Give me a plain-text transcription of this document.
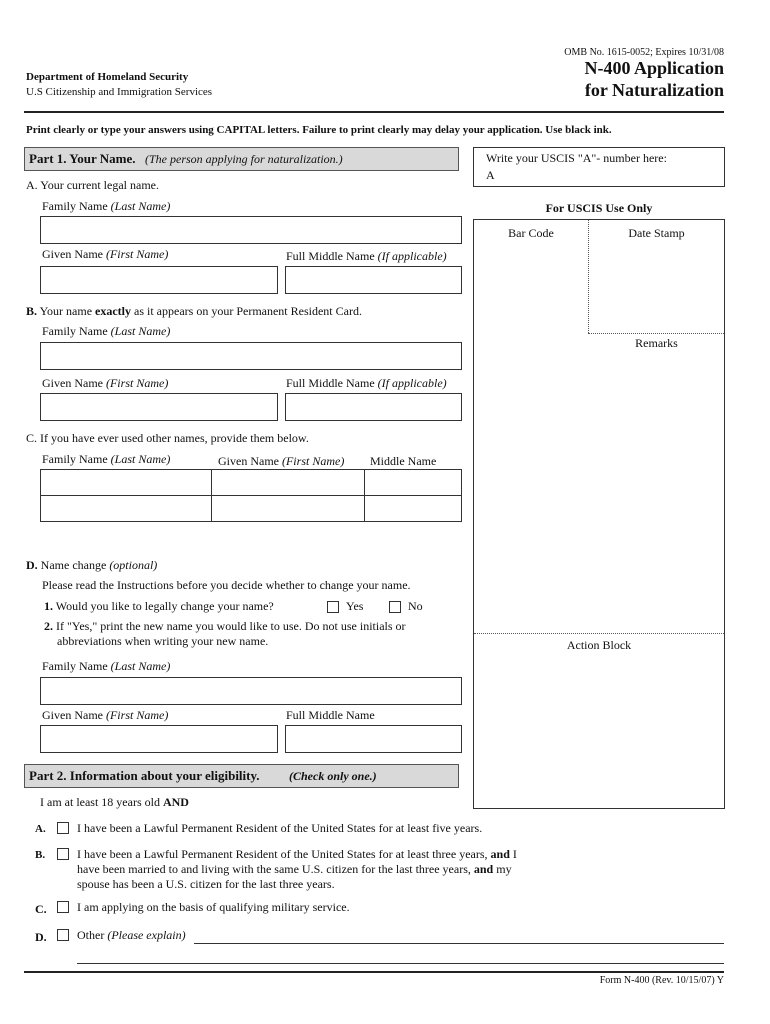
OMB No. 1615-0052; Expires 10/31/08
Department of Homeland Security
U.S Citizenship and Immigration Services
N-400 Application
for Naturalization
Print clearly or type your answers using CAPITAL letters. Failure to print clearly may delay your application. Use black ink.
Part 1. Your Name. (The person applying for naturalization.)
A. Your current legal name.
Family Name (Last Name)
Given Name (First Name)	Full Middle Name (If applicable)
B. Your name exactly as it appears on your Permanent Resident Card.
Family Name (Last Name)
Given Name (First Name)	Full Middle Name (If applicable)
C. If you have ever used other names, provide them below.
Family Name (Last Name)	Given Name (First Name) Middle Name

D. Name change (optional)
Please read the Instructions before you decide whether to change your name.
1. Would you like to legally change your name?	Yes	No
2. If "Yes," print the new name you would like to use. Do not use initials or
abbreviations when writing your new name.
Family Name (Last Name)
Given Name (First Name)	Full Middle Name
Write your USCIS "A"- number here:
A
For USCIS Use Only
Bar Code	Date Stamp
Remarks
Action Block
Part 2. Information about your eligibility. (Check only one.)
I am at least 18 years old AND
A.	I have been a Lawful Permanent Resident of the United States for at least five years.
B.	I have been a Lawful Permanent Resident of the United States for at least three years, and I
have been married to and living with the same U.S. citizen for the last three years, and my
spouse has been a U.S. citizen for the last three years.
C.	I am applying on the basis of qualifying military service.
D.	Other (Please explain)
Form N-400 (Rev. 10/15/07) Y
